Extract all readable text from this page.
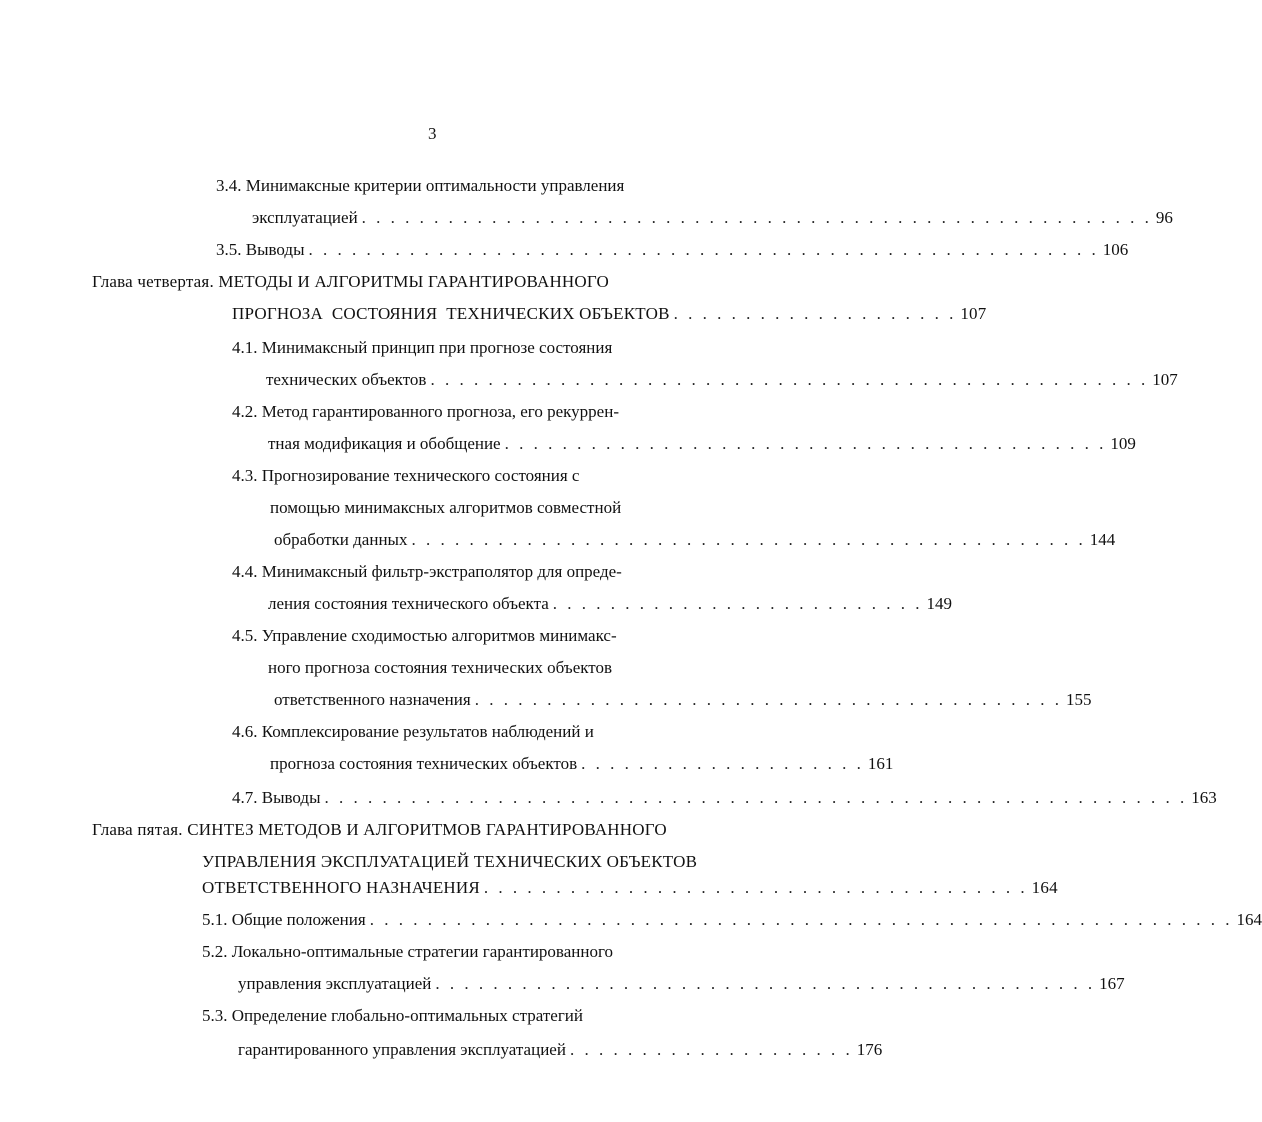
3
3.4. Минимаксные критерии оптимальности управления
эксплуатацией . . . . . . . . . . . . . . . . . . . . . . . . . . . . . . . . . . . . . . . . . . . . . . . . . . . . . . . 96
3.5. Выводы . . . . . . . . . . . . . . . . . . . . . . . . . . . . . . . . . . . . . . . . . . . . . . . . . . . . . . . 106
Глава четвертая. МЕТОДЫ И АЛГОРИТМЫ ГАРАНТИРОВАННОГО
ПРОГНОЗА  СОСТОЯНИЯ  ТЕХНИЧЕСКИХ ОБЪЕКТОВ . . . . . . . . . . . . . . . . . . . . 107
4.1. Минимаксный принцип при прогнозе состояния
технических объектов . . . . . . . . . . . . . . . . . . . . . . . . . . . . . . . . . . . . . . . . . . . . . . . . . . 107
4.2. Метод гарантированного прогноза, его рекуррен-
тная модификация и обобщение . . . . . . . . . . . . . . . . . . . . . . . . . . . . . . . . . . . . . . . . . . 109
4.3. Прогнозирование технического состояния с
помощью минимаксных алгоритмов совместной
обработки данных . . . . . . . . . . . . . . . . . . . . . . . . . . . . . . . . . . . . . . . . . . . . . . . 144
4.4. Минимаксный фильтр-экстраполятор для опреде-
ления состояния технического объекта . . . . . . . . . . . . . . . . . . . . . . . . . . 149
4.5. Управление сходимостью алгоритмов минимакс-
ного прогноза состояния технических объектов
ответственного назначения . . . . . . . . . . . . . . . . . . . . . . . . . . . . . . . . . . . . . . . . . 155
4.6. Комплексирование результатов наблюдений и
прогноза состояния технических объектов . . . . . . . . . . . . . . . . . . . . 161
4.7. Выводы . . . . . . . . . . . . . . . . . . . . . . . . . . . . . . . . . . . . . . . . . . . . . . . . . . . . . . . . . . . . 163
Глава пятая. СИНТЕЗ МЕТОДОВ И АЛГОРИТМОВ ГАРАНТИРОВАННОГО
УПРАВЛЕНИЯ ЭКСПЛУАТАЦИЕЙ ТЕХНИЧЕСКИХ ОБЪЕКТОВ
ОТВЕТСТВЕННОГО НАЗНАЧЕНИЯ . . . . . . . . . . . . . . . . . . . . . . . . . . . . . . . . . . . . . . 164
5.1. Общие положения . . . . . . . . . . . . . . . . . . . . . . . . . . . . . . . . . . . . . . . . . . . . . . . . . . . . . . . . . . . . 164
5.2. Локально-оптимальные стратегии гарантированного
управления эксплуатацией . . . . . . . . . . . . . . . . . . . . . . . . . . . . . . . . . . . . . . . . . . . . . . 167
5.3. Определение глобально-оптимальных стратегий
гарантированного управления эксплуатацией . . . . . . . . . . . . . . . . . . . . 176
